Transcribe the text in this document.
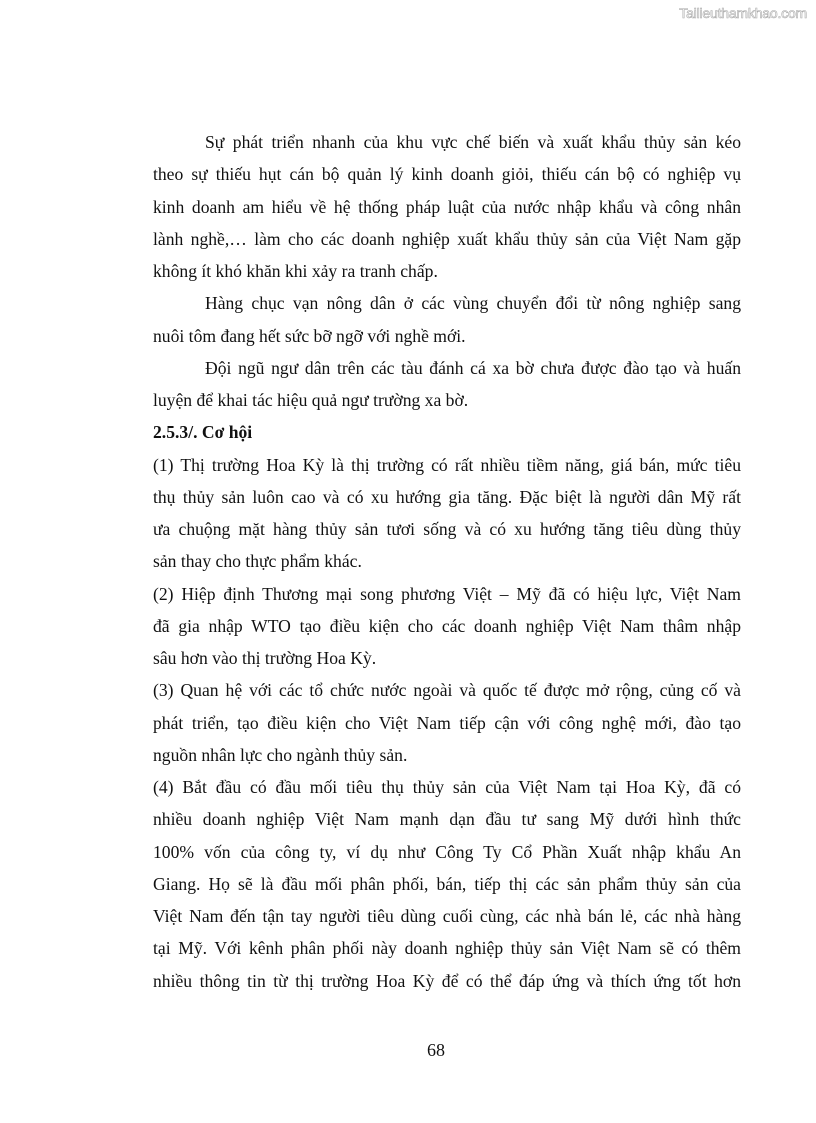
Tailieuthamkhao.com
Sự phát triển nhanh của khu vực chế biến và xuất khẩu thủy sản kéo
theo sự thiếu hụt cán bộ quản lý kinh doanh giỏi, thiếu cán bộ có nghiệp vụ
kinh doanh am hiểu về hệ thống pháp luật của nước nhập khẩu và công nhân
lành nghề,… làm cho các doanh nghiệp xuất khẩu thủy sản của Việt Nam gặp
không ít khó khăn khi xảy ra tranh chấp.
Hàng chục vạn nông dân ở các vùng chuyển đổi từ nông nghiệp sang
nuôi tôm đang hết sức bỡ ngỡ với nghề mới.
Đội ngũ ngư dân trên các tàu đánh cá xa bờ chưa được đào tạo và huấn
luyện để khai tác hiệu quả ngư trường xa bờ.
2.5.3/. Cơ hội
(1) Thị trường Hoa Kỳ là thị trường có rất nhiều tiềm năng, giá bán, mức tiêu
thụ thủy sản luôn cao và có xu hướng gia tăng. Đặc biệt là người dân Mỹ rất
ưa chuộng mặt hàng thủy sản tươi sống và có xu hướng tăng tiêu dùng thủy
sản thay cho thực phẩm khác.
(2) Hiệp định Thương mại song phương Việt – Mỹ đã có hiệu lực, Việt Nam
đã gia nhập WTO tạo điều kiện cho các doanh nghiệp Việt Nam thâm nhập
sâu hơn vào thị trường Hoa Kỳ.
(3) Quan hệ với các tổ chức nước ngoài và quốc tế được mở rộng, củng cố và
phát triển, tạo điều kiện cho Việt Nam tiếp cận với công nghệ mới, đào tạo
nguồn nhân lực cho ngành thủy sản.
(4) Bắt đầu có đầu mối tiêu thụ thủy sản của Việt Nam tại Hoa Kỳ, đã có
nhiều doanh nghiệp Việt Nam mạnh dạn đầu tư sang Mỹ dưới hình thức
100% vốn của công ty, ví dụ như Công Ty Cổ Phần Xuất nhập khẩu An
Giang. Họ sẽ là đầu mối phân phối, bán, tiếp thị các sản phẩm thủy sản của
Việt Nam đến tận tay người tiêu dùng cuối cùng, các nhà bán lẻ, các nhà hàng
tại Mỹ. Với kênh phân phối này doanh nghiệp thủy sản Việt Nam sẽ có thêm
nhiều thông tin từ thị trường Hoa Kỳ để có thể đáp ứng và thích ứng tốt hơn
68
